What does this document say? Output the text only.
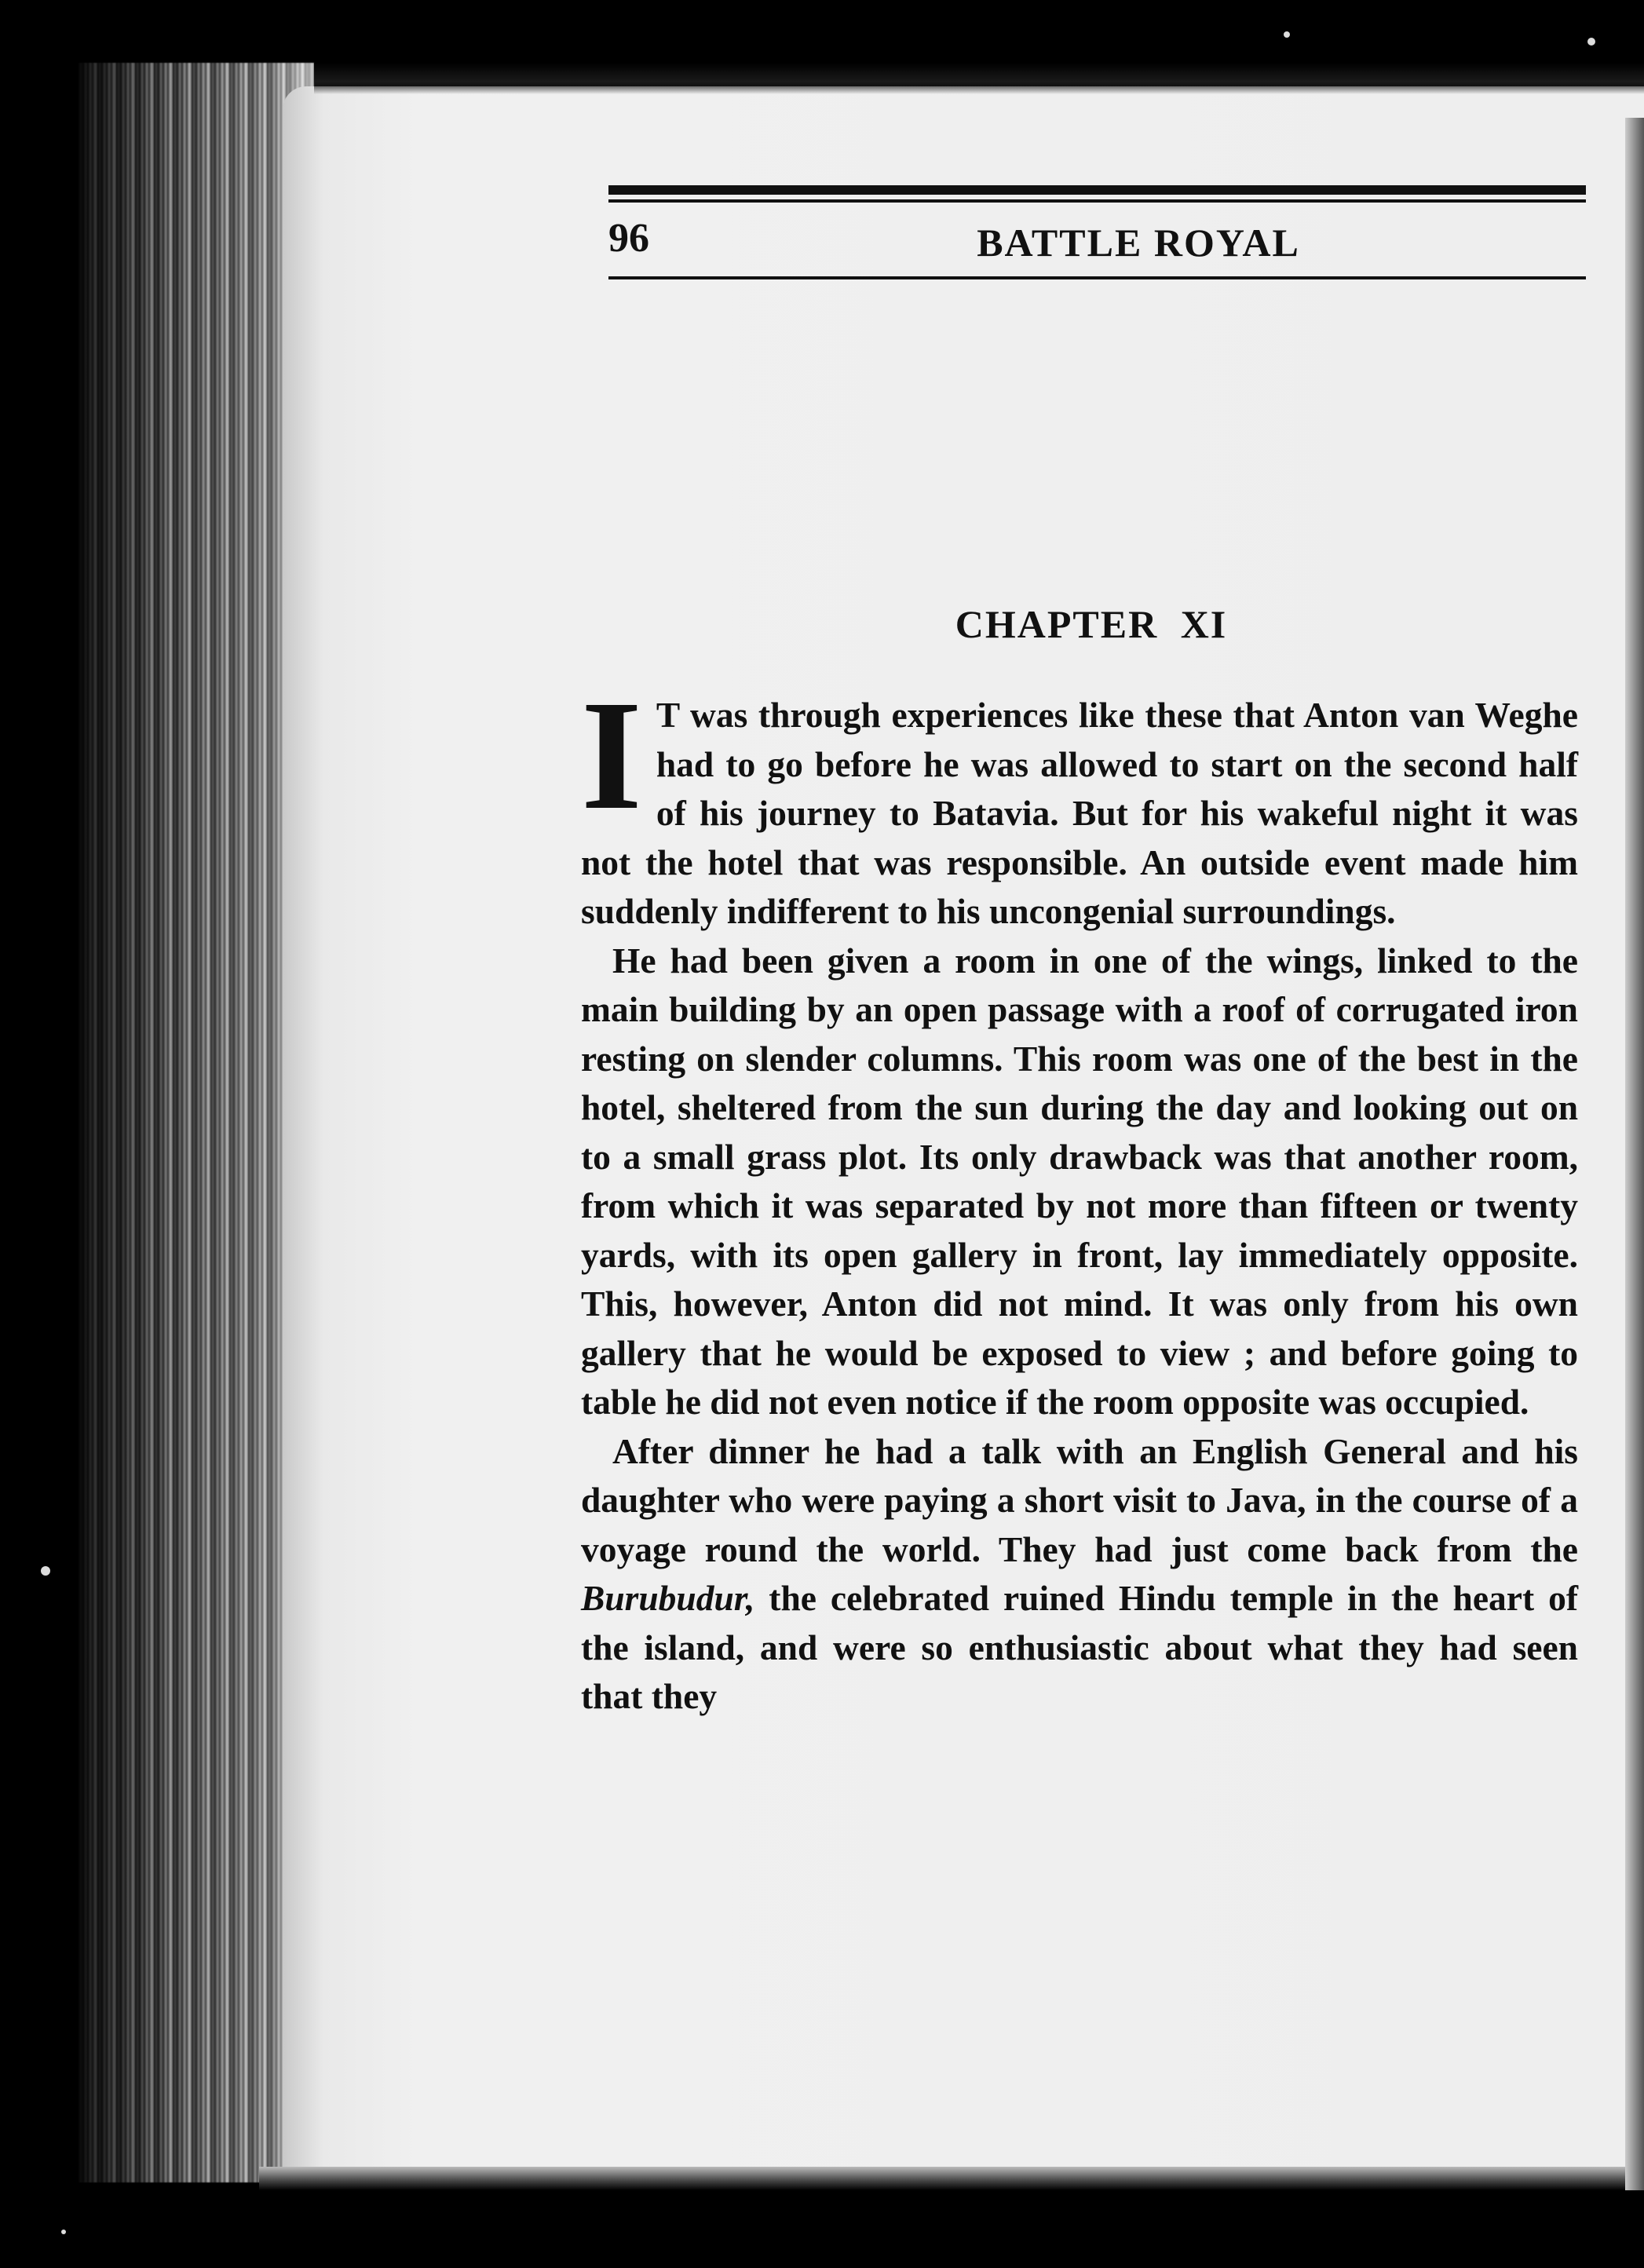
96	BATTLE ROYAL
CHAPTER XI

I T was through experiences like these that Anton van Weghe had to go before he was allowed to start on the second half of his journey to Batavia. But for his wakeful night it was not the hotel that was responsible. An outside event made him suddenly indifferent to his uncongenial surroundings.

He had been given a room in one of the wings, linked to the main building by an open passage with a roof of corrugated iron resting on slender columns. This room was one of the best in the hotel, sheltered from the sun during the day and looking out on to a small grass plot. Its only drawback was that another room, from which it was separated by not more than fifteen or twenty yards, with its open gallery in front, lay immediately opposite. This, however, Anton did not mind. It was only from his own gallery that he would be exposed to view ; and before going to table he did not even notice if the room opposite was occupied.

After dinner he had a talk with an English General and his daughter who were paying a short visit to Java, in the course of a voyage round the world. They had just come back from the Burubudur, the celebrated ruined Hindu temple in the heart of the island, and were so enthusiastic about what they had seen that they
